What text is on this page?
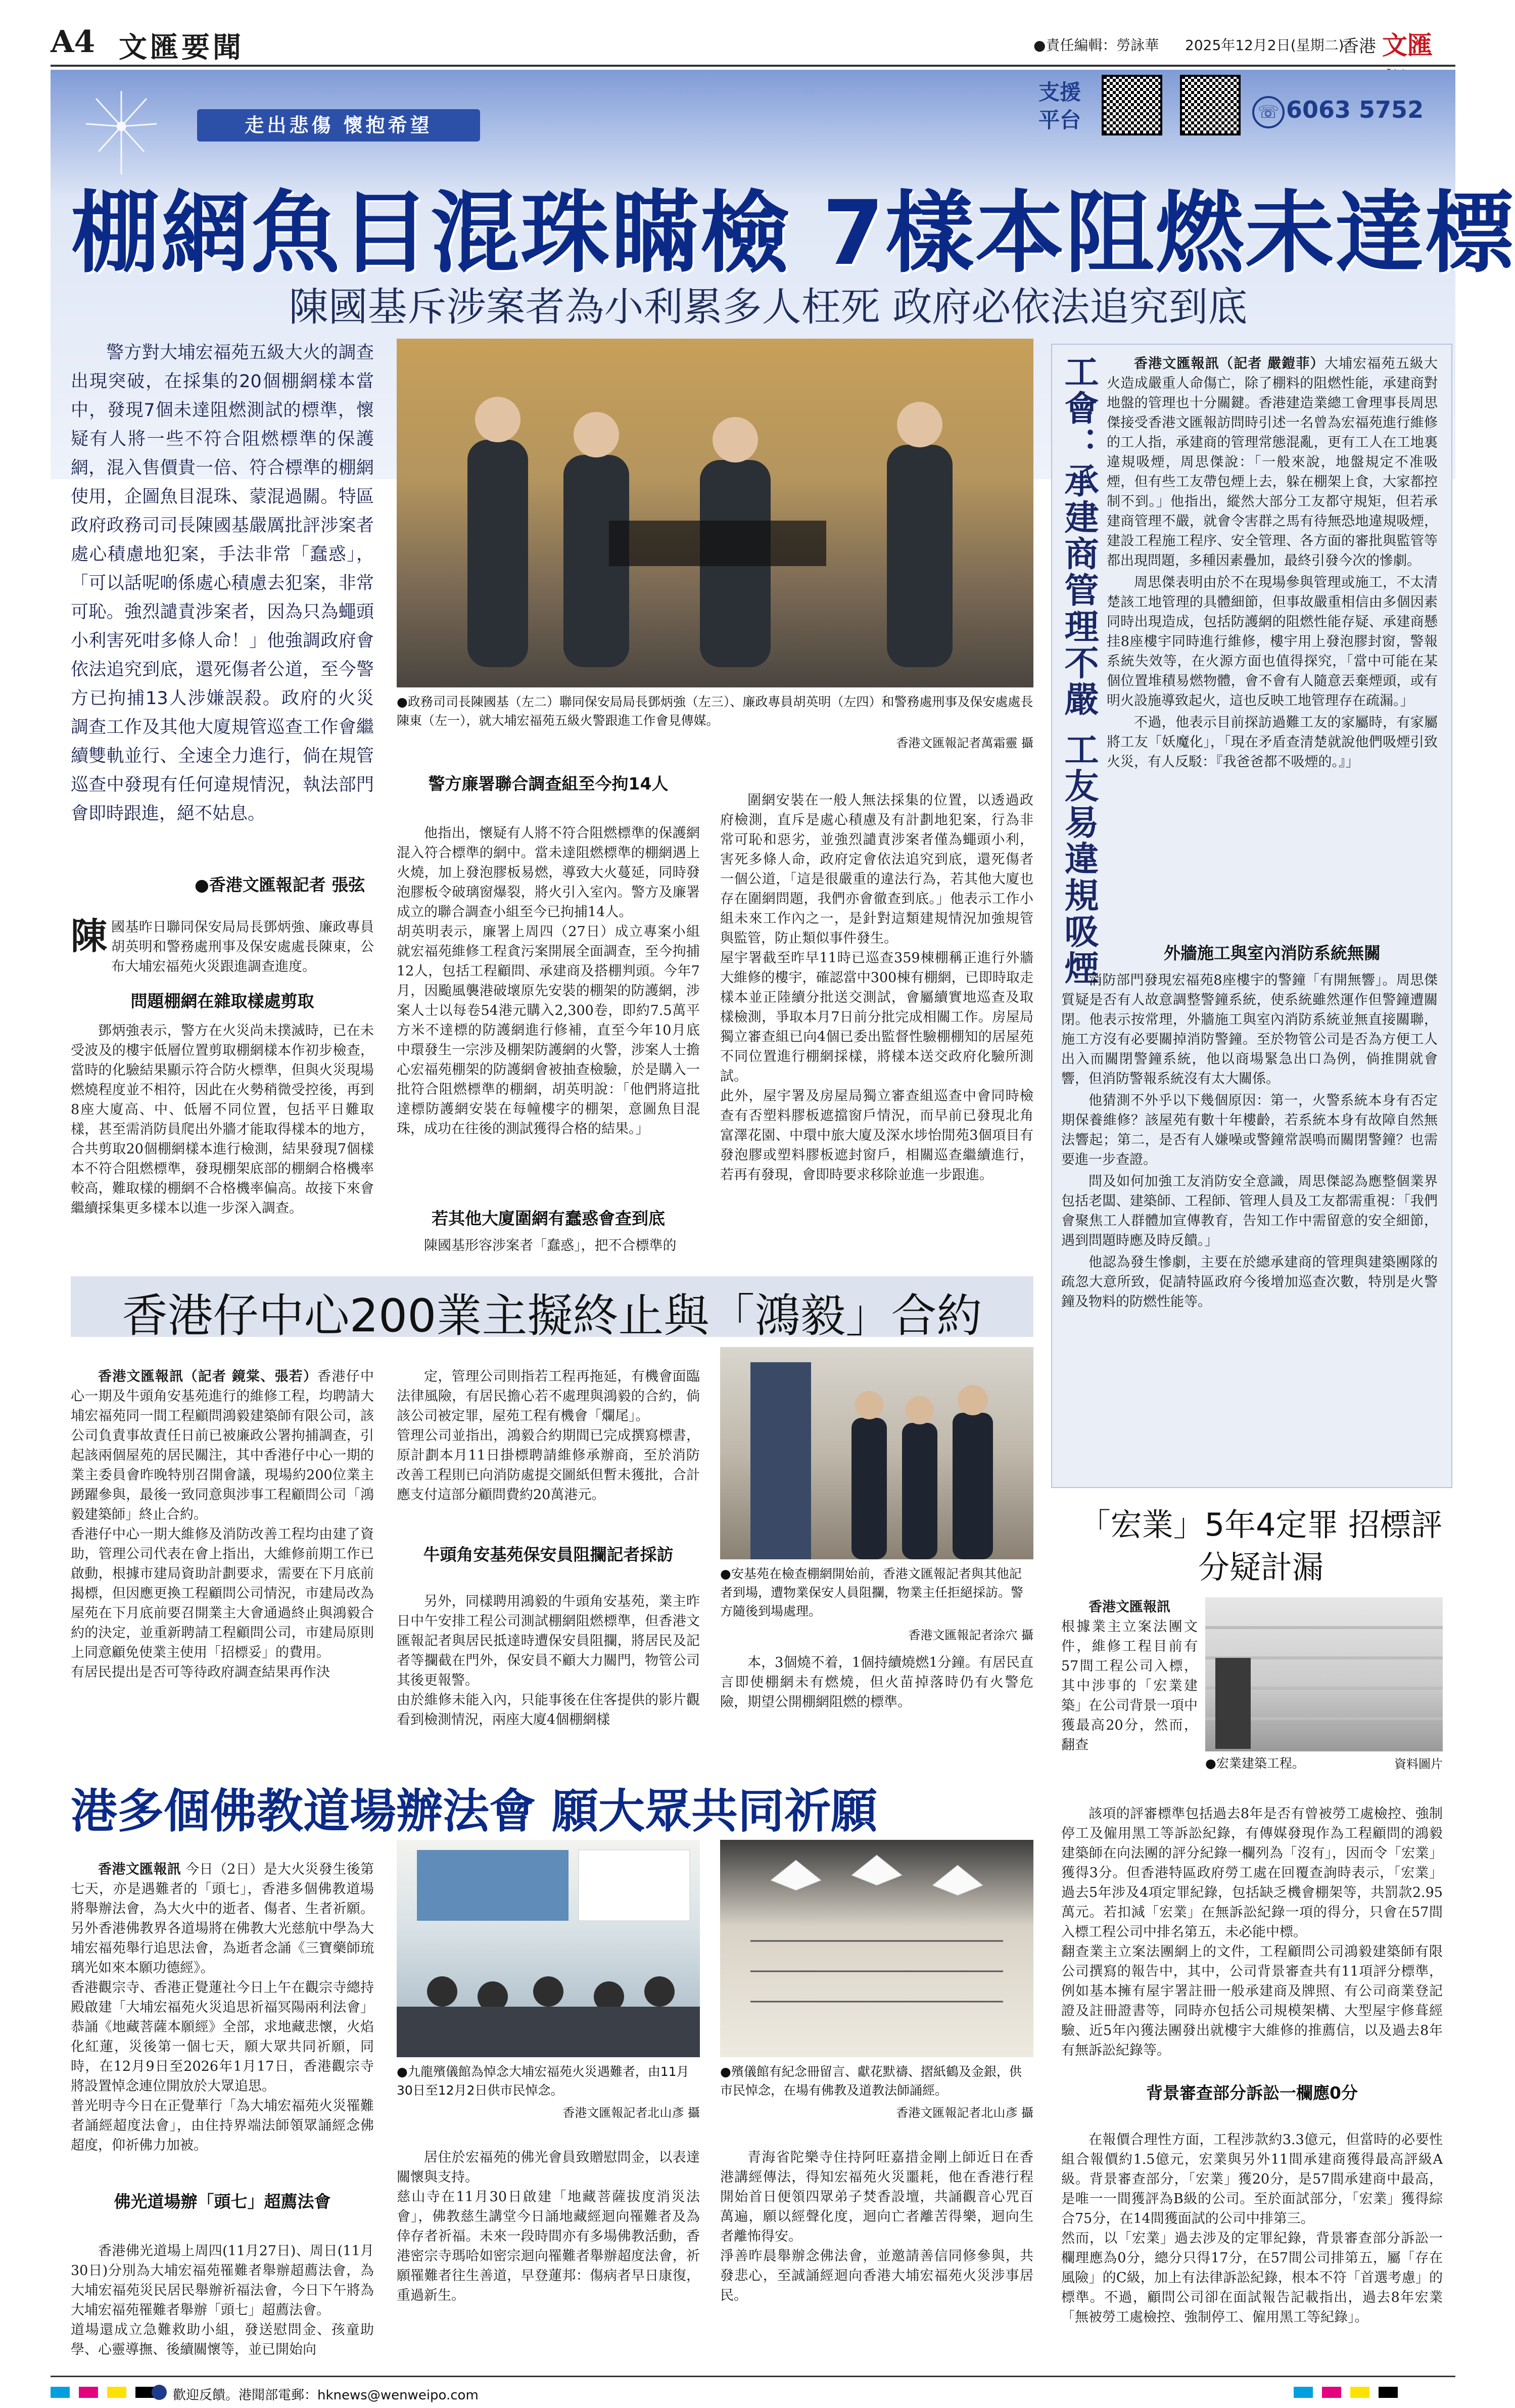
A4 文匯要聞	●責任編輯：勞詠華 2025年12月2日(星期二)
香港 文匯
走出悲傷 懷抱希望
支援
平台	☏ 6063 5752
棚網魚目混珠瞞檢 7樣本阻燃未達標
陳國基斥涉案者為小利累多人枉死 政府必依法追究到底

警方對大埔宏福苑五級大火的調查出現突破，在採集的20個棚網樣本當中，發現7個未達阻燃測試的標準，懷疑有人將一些不符合阻燃標準的保護網，混入售價貴一倍、符合標準的棚網使用，企圖魚目混珠、蒙混過關。特區政府政務司司長陳國基嚴厲批評涉案者處心積慮地犯案，手法非常「蠢惑」，「可以話呢啲係處心積慮去犯案，非常可恥。強烈譴責涉案者，因為只為蠅頭小利害死咁多條人命！」他強調政府會依法追究到底，還死傷者公道，至今警方已拘捕13人涉嫌誤殺。政府的火災調查工作及其他大廈規管巡查工作會繼續雙軌並行、全速全力進行，倘在規管巡查中發現有任何違規情況，執法部門會即時跟進，絕不姑息。

●香港文匯報記者 張弦
●政務司司長陳國基（左二）聯同保安局局長鄧炳強（左三）、廉政專員胡英明（左四）和警務處刑事及保安處處長陳東（左一），就大埔宏福苑五級火警跟進工作會見傳媒。
香港文匯報記者萬霜靈 攝
陳 國基昨日聯同保安局局長鄧炳強、廉政專員胡英明和警務處刑事及保安處處長陳東，公布大埔宏福苑火災跟進調查進度。
問題棚網在雜取樣處剪取

鄧炳強表示，警方在火災尚未撲滅時，已在未受波及的樓宇低層位置剪取棚網樣本作初步檢查，當時的化驗結果顯示符合防火標準，但與火災現場燃燒程度並不相符，因此在火勢稍微受控後，再到8座大廈高、中、低層不同位置，包括平日難取樣，甚至需消防員爬出外牆才能取得樣本的地方，合共剪取20個棚網樣本進行檢測，結果發現7個樣本不符合阻燃標準，發現棚架底部的棚網合格機率較高，難取樣的棚網不合格機率偏高。故接下來會繼續採集更多樣本以進一步深入調查。

警方廉署聯合調查組至今拘14人

他指出，懷疑有人將不符合阻燃標準的保護網混入符合標準的網中。當未達阻燃標準的棚網遇上火燒，加上發泡膠板易燃，導致大火蔓延，同時發泡膠板令破璃窗爆裂，將火引入室內。警方及廉署成立的聯合調查小組至今已拘捕14人。
胡英明表示，廉署上周四（27日）成立專案小組就宏福苑維修工程貪污案開展全面調查，至今拘捕12人，包括工程顧問、承建商及搭棚判頭。今年7月，因颱風襲港破壞原先安裝的棚架的防護網，涉案人士以每卷54港元購入2,300卷，即約7.5萬平方米不達標的防護網進行修補，直至今年10月底中環發生一宗涉及棚架防護網的火警，涉案人士擔心宏福苑棚架的防護網會被抽查檢驗，於是購入一批符合阻燃標準的棚網，胡英明說：「他們將這批達標防護網安裝在每幢樓字的棚架，意圖魚目混珠，成功在往後的測試獲得合格的結果。」

若其他大廈圍網有蠢惑會查到底

陳國基形容涉案者「蠢惑」，把不合標準的

圍網安裝在一般人無法採集的位置，以透過政府檢測，直斥是處心積慮及有計劃地犯案，行為非常可恥和惡劣，並強烈譴責涉案者僅為蠅頭小利，害死多條人命，政府定會依法追究到底，還死傷者一個公道，「這是很嚴重的違法行為，若其他大廈也存在圍網問題，我們亦會徹查到底。」他表示工作小組未來工作內之一，是針對這類建規情況加強規管與監管，防止類似事件發生。
屋宇署截至昨早11時已巡查359棟棚稱正進行外牆大維修的樓宇，確認當中300棟有棚網，已即時取走樣本並正陸續分批送交測試，會屬續實地巡查及取樣檢測，爭取本月7日前分批完成相關工作。房屋局獨立審查組已向4個已委出監督性驗棚棚知的居屋苑不同位置進行棚網採樣，將樣本送交政府化驗所測試。
此外，屋宇署及房屋局獨立審查組巡查中會同時檢查有否塑料膠板遮擋窗戶情況，而早前已發現北角富澤花園、中環中旅大廈及深水埗怡閒苑3個項目有發泡膠或塑料膠板遮封窗戶，相關巡查繼續進行，若再有發現，會即時要求移除並進一步跟進。

工會：承建商管理不嚴 工友易違規吸煙	香港文匯報訊（記者 嚴鎧菲）大埔宏福苑五級大火造成嚴重人命傷亡，除了棚料的阻燃性能，承建商對地盤的管理也十分關鍵。香港建造業總工會理事長周思傑接受香港文匯報訪問時引述一名曾為宏福苑進行維修的工人指，承建商的管理常態混亂，更有工人在工地裏違規吸煙，周思傑說：「一般來說，地盤規定不准吸煙，但有些工友帶包煙上去，躲在棚架上食，大家都控制不到。」他指出，縱然大部分工友都守規矩，但若承建商管理不嚴，就會令害群之馬有待無恐地違規吸煙，建設工程施工程序、安全管理、各方面的審批與監管等都出現問題，多種因素疊加，最終引發今次的慘劇。

周思傑表明由於不在現場參與管理或施工，不太清楚該工地管理的具體細節，但事故嚴重相信由多個因素同時出現造成，包括防護網的阻燃性能存疑、承建商懸挂8座樓宇同時進行維修，樓宇用上發泡膠封窗，警報系統失效等，在火源方面也值得探究，「當中可能在某個位置堆積易燃物體，會不會有人隨意丟棄煙頭，或有明火設施導致起火，這也反映工地管理存在疏漏。」

不過，他表示目前探訪過難工友的家屬時，有家屬將工友「妖魔化」，「現在矛盾查清楚就說他們吸煙引致火災，有人反駁：『我爸爸都不吸煙的。』」

外牆施工與室內消防系統無關

消防部門發現宏福苑8座樓宇的警鐘「有開無響」。周思傑質疑是否有人故意調整警鐘系統，使系統雖然運作但警鐘遭關閉。他表示按常理，外牆施工與室內消防系統並無直接關聯，施工方沒有必要關掉消防警鐘。至於物管公司是否為方便工人出入而關閉警鐘系統，他以商場緊急出口為例，倘推開就會響，但消防警報系統沒有太大關係。

他猜測不外乎以下幾個原因：第一，火警系統本身有否定期保養維修？該屋苑有數十年樓齡，若系統本身有故障自然無法響起；第二，是否有人嫌噪或警鐘常誤鳴而關閉警鐘？也需要進一步查證。

問及如何加強工友消防安全意識，周思傑認為應整個業界包括老闆、建築師、工程師、管理人員及工友都需重視：「我們會聚焦工人群體加宣傳教育，告知工作中需留意的安全細節，遇到問題時應及時反饋。」

他認為發生慘劇，主要在於總承建商的管理與建築團隊的疏忽大意所致，促請特區政府今後增加巡查次數，特別是火警鐘及物料的防燃性能等。

香港仔中心200業主擬終止與「鴻毅」合約

香港文匯報訊（記者 鏡棠、張若）香港仔中心一期及牛頭角安基苑進行的維修工程，均聘請大埔宏福苑同一間工程顧問鴻毅建築師有限公司，該公司負責事故責任日前已被廉政公署拘捕調查，引起該兩個屋苑的居民關注，其中香港仔中心一期的業主委員會昨晚特別召開會議，現場約200位業主踴躍參與，最後一致同意與涉事工程顧問公司「鴻毅建築師」終止合約。
香港仔中心一期大維修及消防改善工程均由建了資助，管理公司代表在會上指出，大維修前期工作已啟動，根據市建局資助計劃要求，需要在下月底前揭標，但因應更換工程顧問公司情況，市建局改為屋苑在下月底前要召開業主大會通過終止與鴻毅合約的決定，並重新聘請工程顧問公司，市建局原則上同意顧免使業主使用「招標妥」的費用。
有居民提出是否可等待政府調查結果再作決

定，管理公司則指若工程再拖延，有機會面臨法律風險，有居民擔心若不處理與鴻毅的合約，倘該公司被定罪，屋苑工程有機會「爛尾」。
管理公司並指出，鴻毅合約期間已完成撰寫標書，原計劃本月11日掛標聘請維修承辦商，至於消防改善工程則已向消防處提交圖紙但暫未獲批，合計應支付這部分顧問費約20萬港元。

牛頭角安基苑保安員阻攔記者採訪

另外，同樣聘用鴻毅的牛頭角安基苑，業主昨日中午安排工程公司測試棚網阻燃標準，但香港文匯報記者與居民抵達時遭保安員阻攔，將居民及記者等攔截在門外，保安員不顧大力關門，物管公司其後更報警。
由於維修未能入內，只能事後在住客提供的影片觀看到檢測情況，兩座大廈4個棚網樣

●安基苑在檢查棚網開始前，香港文匯報記者與其他記者到場，遭物業保安人員阻攔，物業主任拒絕採訪。警方隨後到場處理。
香港文匯報記者涂穴 攝

本，3個燒不着，1個持續燒燃1分鐘。有居民直言即使棚網未有燃燒，但火苗掉落時仍有火警危險，期望公開棚網阻燃的標準。

「宏業」5年4定罪 招標評分疑計漏

香港文匯報訊
根據業主立案法團文件，維修工程目前有57間工程公司入標，其中涉事的「宏業建築」在公司背景一項中獲最高20分，然而，翻查

●宏業建築工程。	資料圖片

該項的評審標準包括過去8年是否有曾被勞工處檢控、強制停工及僱用黑工等訴訟紀錄，有傳媒發現作為工程顧問的鴻毅建築師在向法團的評分紀錄一欄列為「沒有」，因而令「宏業」獲得3分。但香港特區政府勞工處在回覆查詢時表示，「宏業」過去5年涉及4項定罪紀錄，包括缺乏機會棚架等，共罰款2.95萬元。若扣減「宏業」在無訴訟紀錄一項的得分，只會在57間入標工程公司中排名第五，未必能中標。
翻查業主立案法團網上的文件，工程顧問公司鴻毅建築師有限公司撰寫的報告中，其中，公司背景審查共有11項評分標準，例如基本擁有屋宇署註冊一般承建商及牌照、有公司商業登記證及註冊證書等，同時亦包括公司規模架構、大型屋宇修葺經驗、近5年內獲法團發出就樓宇大維修的推薦信，以及過去8年有無訴訟紀錄等。

背景審查部分訴訟一欄應0分

在報價合理性方面，工程涉款約3.3億元，但當時的必要性組合報價約1.5億元，宏業與另外11間承建商獲得最高評級A級。背景審查部分，「宏業」獲20分，是57間承建商中最高，是唯一一間獲評為B級的公司。至於面試部分，「宏業」獲得綜合75分，在14間獲面試的公司中排第三。
然而，以「宏業」過去涉及的定罪紀錄，背景審查部分訴訟一欄理應為0分，總分只得17分，在57間公司排第五，屬「存在風險」的C級，加上有法律訴訟紀錄，根本不符「首選考慮」的標準。不過，顧問公司卻在面試報告記載指出，過去8年宏業「無被勞工處檢控、強制停工、僱用黑工等紀錄」。

港多個佛教道場辦法會 願大眾共同祈願

香港文匯報訊 今日（2日）是大火災發生後第七天，亦是遇難者的「頭七」，香港多個佛教道場將舉辦法會，為大火中的逝者、傷者、生者祈願。另外香港佛教界各道場將在佛教大光慈航中學為大埔宏福苑舉行追思法會，為逝者念誦《三寶藥師琉璃光如來本願功德經》。
香港觀宗寺、香港正覺蓮社今日上午在觀宗寺總持殿啟建「大埔宏福苑火災追思祈福冥陽兩利法會」恭誦《地藏菩薩本願經》全部，求地藏悲懷，火焰化紅蓮，災後第一個七天，願大眾共同祈願，同時，在12月9日至2026年1月17日，香港觀宗寺將設置悼念連位開放於大眾追思。
普光明寺今日在正覺華行「為大埔宏福苑火災罹難者誦經超度法會」，由住持界端法師領眾誦經念佛超度，仰祈佛力加被。

佛光道場辦「頭七」超薦法會

香港佛光道場上周四(11月27日)、周日(11月30日)分別為大埔宏福苑罹難者舉辦超薦法會，為大埔宏福苑災民居民舉辦祈福法會，今日下午將為大埔宏福苑罹難者舉辦「頭七」超薦法會。
道場還成立急難救助小組，發送慰問金、孩童助學、心靈導撫、後續關懷等，並已開始向

●九龍殯儀館為悼念大埔宏福苑火災遇難者，由11月30日至12月2日供市民悼念。
香港文匯報記者北山彥 攝
●殯儀館有紀念冊留言、獻花默禱、摺紙鶴及金銀，供市民悼念，在場有佛教及道教法師誦經。
香港文匯報記者北山彥 攝

居住於宏福苑的佛光會員致贈慰問金，以表達關懷與支持。
慈山寺在11月30日啟建「地藏菩薩拔度消災法會」，佛教慈生講堂今日誦地藏經迴向罹難者及為倖存者祈福。未來一段時間亦有多場佛教活動，香港密宗寺瑪哈如密宗迴向罹難者舉辦超度法會，祈願罹難者往生善道，早登蓮邦：傷病者早日康復，重過新生。

青海省陀樂寺住持阿旺嘉措金剛上師近日在香港講經傳法，得知宏福苑火災噩耗，他在香港行程開始首日便領四眾弟子焚香設壇，共誦觀音心咒百萬遍，願以經聲化度，迴向亡者離苦得樂，迴向生者離怖得安。
淨善昨晨舉辦念佛法會，並邀請善信同修參與，共發悲心，至誠誦經迴向香港大埔宏福苑火災涉事居民。

歡迎反饋。港聞部電郵：hknews@wenweipo.com
